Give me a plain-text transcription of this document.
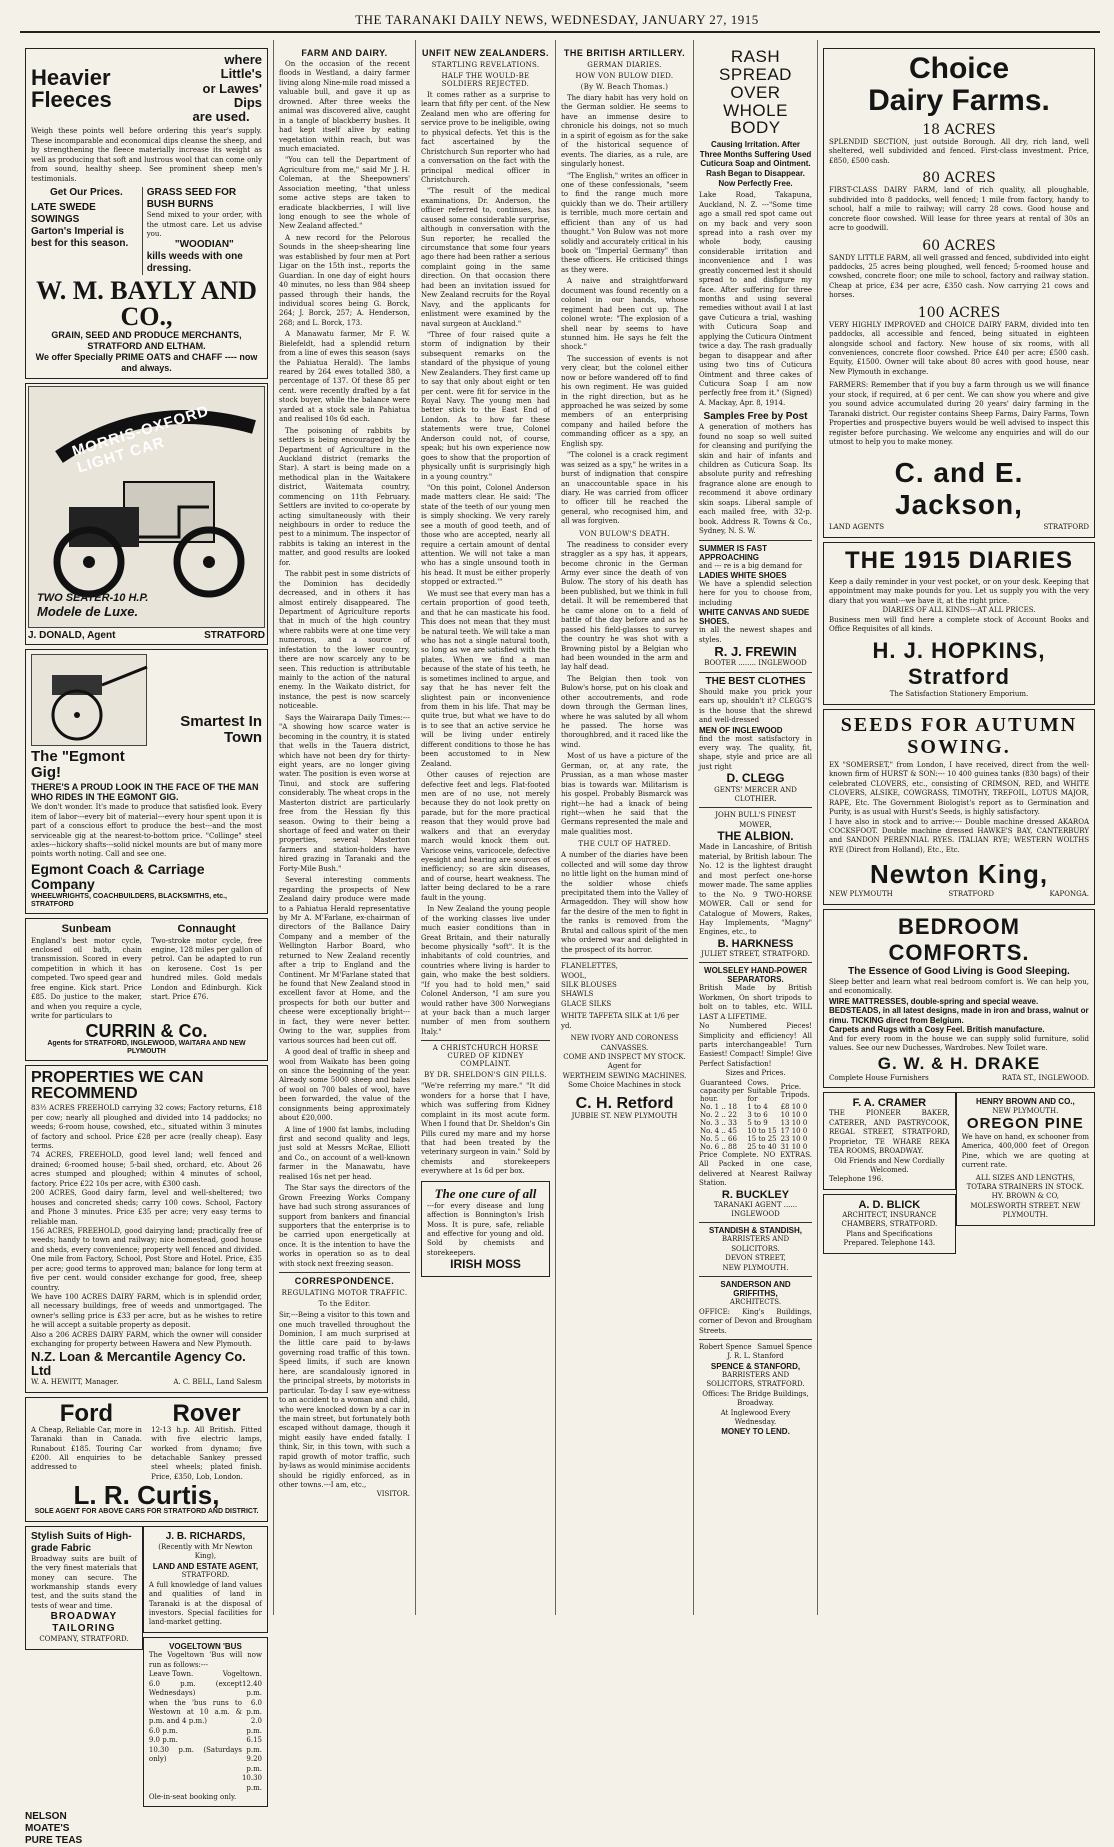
THE TARANAKI DAILY NEWS, WEDNESDAY, JANUARY 27, 1915
Heavier Fleeces
where Little's
or Lawes' Dips
are used.
Weigh these points well before ordering this year's supply. These incomparable and economical dips cleanse the sheep, and by strengthening the fleece materially increase its weight as well as producing that soft and lustrous wool that can come only from sound, healthy sheep. See prominent sheep men's testimonials.
Get Our Prices.
LATE SWEDE SOWINGS
Garton's Imperial is best for this season.
GRASS SEED FOR BUSH BURNS
Send mixed to your order, with the utmost care. Let us advise you.
"WOODIAN"
kills weeds with one dressing.
W. M. BAYLY AND CO.,
GRAIN, SEED AND PRODUCE MERCHANTS, STRATFORD AND ELTHAM.
We offer Specially PRIME OATS and CHAFF ---- now and always.
MORRIS-OXFORD LIGHT CAR
TWO SEATER-10 H.P.
Modele de Luxe.
J. DONALD, Agent	STRATFORD
The "Egmont Gig!
Smartest In Town
THERE'S A PROUD LOOK IN THE FACE OF THE MAN WHO RIDES IN THE EGMONT GIG.
We don't wonder. It's made to produce that satisfied look. Every item of labor---every bit of material---every hour spent upon it is part of a conscious effort to produce the best---and the most serviceable gig at the nearest-to-bottom price. "Collinge" steel axles---hickory shafts---solid nickel mounts are but of many more points worth noting. Call and see one.
Egmont Coach & Carriage Company
WHEELWRIGHTS, COACHBUILDERS, BLACKSMITHS, etc., STRATFORD
Sunbeam
England's best motor cycle, enclosed oil bath, chain transmission. Scored in every competition in which it has competed. Two speed gear and free engine. Kick start. Price £85. Do justice to the maker, and when you require a cycle, write for particulars to
Connaught
Two-stroke motor cycle, free engine, 128 miles per gallon of petrol. Can be adapted to run on kerosene. Cost 1s per hundred miles. Gold medals London and Edinburgh. Kick start. Price £76.
CURRIN & Co.
Agents for STRATFORD, INGLEWOOD, WAITARA AND NEW PLYMOUTH
PROPERTIES WE CAN RECOMMEND
83½ ACRES FREEHOLD carrying 32 cows; Factory returns, £18 per cow; nearly all ploughed and divided into 14 paddocks; no weeds; 6-room house, cowshed, etc., situated within 3 minutes of factory and school. Price £28 per acre (really cheap). Easy terms.
74 ACRES, FREEHOLD, good level land; well fenced and drained; 6-roomed house; 5-bail shed, orchard, etc. About 26 acres stumped and ploughed; within 4 minutes of school, factory. Price £22 10s per acre, with £300 cash.
200 ACRES, Good dairy farm, level and well-sheltered; two houses and concreted sheds; carry 100 cows. School, Factory and Phone 3 minutes. Price £35 per acre; very easy terms to reliable man.
156 ACRES, FREEHOLD, good dairying land; practically free of weeds; handy to town and railway; nice homestead, good house and sheds, every convenience; property well fenced and divided. One mile from Factory, School, Post Store and Hotel. Price, £35 per acre; good terms to approved man; balance for long term at five per cent. would consider exchange for good, free, sheep country.
We have 100 ACRES DAIRY FARM, which is in splendid order, all necessary buildings, free of weeds and unmortgaged. The owner's selling price is £33 per acre, but as he wishes to retire he will accept a suitable property as deposit.
Also a 206 ACRES DAIRY FARM, which the owner will consider exchanging for property between Hawera and New Plymouth.
N.Z. Loan & Mercantile Agency Co. Ltd
W. A. HEWITT, Manager.	A. C. BELL, Land Salesm
Ford
A Cheap, Reliable Car, more in Taranaki than in Canada. Runabout £185. Touring Car £200. All enquiries to be addressed to
Rover
12-13 h.p. All British. Fitted with five electric lamps, worked from dynamo; five detachable Sankey pressed steel wheels; plated finish. Price, £350, Lob, London.
L. R. Curtis,
SOLE AGENT FOR ABOVE CARS FOR STRATFORD AND DISTRICT.
Stylish Suits of High-grade Fabric
Broadway suits are built of the very finest materials that money can secure. The workmanship stands every test, and the suits stand the tests of wear and time.
BROADWAY TAILORING
COMPANY, STRATFORD.
J. B. RICHARDS,
(Recently with Mr Newton King),
LAND AND ESTATE AGENT,
STRATFORD.
A full knowledge of land values and qualities of land in Taranaki is at the disposal of investors. Special facilities for land-market getting.
VOGELTOWN 'BUS
The Vogeltown 'Bus will now run as follows:---
Leave Town.	Vogeltown.
6.0 p.m. (except Wednesdays)
when the 'bus runs to Westown at 10 a.m. & p.m. and 4 p.m.)
6.0 p.m.
9.0 p.m.
10.30 p.m. (Saturdays only)
12.40 p.m.
6.0 p.m.
2.0 p.m.
6.15 p.m.
9.20 p.m.
10.30 p.m.
Ole-in-seat booking only.
NELSON
MOATE'S
PURE TEAS
FARM AND DAIRY.

On the occasion of the recent floods in Westland, a dairy farmer living along Nine-mile road missed a valuable bull, and gave it up as drowned. After three weeks the animal was discovered alive, caught in a tangle of blackberry bushes. It had kept itself alive by eating vegetation within reach, but was much emaciated.

"You can tell the Department of Agriculture from me," said Mr J. H. Coleman, at the Sheepowners' Association meeting, "that unless some active steps are taken to eradicate blackberries, I will live long enough to see the whole of New Zealand affected."

A new record for the Pelorous Sounds in the sheep-shearing line was established by four men at Port Ligar on the 15th inst., reports the Guardian. In one day of eight hours 40 minutes, no less than 984 sheep passed through their hands, the individual scores being G. Borck, 264; J. Borck, 257; A. Henderson, 268; and L. Borck, 173.

A Manawatu farmer, Mr F. W. Bielefeldt, had a splendid return from a line of ewes this season (says the Pahiatua Herald). The lambs reared by 264 ewes totalled 380, a percentage of 137. Of these 85 per cent. were recently drafted by a fat stock buyer, while the balance were yarded at a stock sale in Pahiatua and realised 10s 6d each.

The poisoning of rabbits by settlers is being encouraged by the Department of Agriculture in the Auckland district (remarks the Star). A start is being made on a methodical plan in the Waitakere district, Waitemata country, commencing on 11th February. Settlers are invited to co-operate by acting simultaneously with their neighbours in order to reduce the pest to a minimum. The inspector of rabbits is taking an interest in the matter, and good results are looked for.

The rabbit pest in some districts of the Dominion has decidedly decreased, and in others it has almost entirely disappeared. The Department of Agriculture reports that in much of the high country where rabbits were at one time very numerous, and a source of infestation to the lower country, there are now scarcely any to be seen. This reduction is attributable mainly to the action of the natural enemy. In the Waikato district, for instance, the pest is now scarcely noticeable.

Says the Wairarapa Daily Times:---"A showing how scarce water is becoming in the country, it is stated that wells in the Tauera district, which have not been dry for thirty-eight years, are no longer giving water. The position is even worse at Tinui, and stock are suffering considerably. The wheat crops in the Masterton district are particularly free from the Hessian fly this season. Owing to their being a shortage of feed and water on their properties, several Masterton farmers and station-holders have hired grazing in Taranaki and the Forty-Mile Bush."

Several interesting comments regarding the prospects of New Zealand dairy produce were made to a Pahiatua Herald representative by Mr A. M'Farlane, ex-chairman of directors of the Ballance Dairy Company and a member of the Wellington Harbor Board, who returned to New Zealand recently after a trip to England and the Continent. Mr M'Farlane stated that he found that New Zealand stood in excellent favor at Home, and the prospects for both our butter and cheese were exceptionally bright---in fact, they were never better. Owing to the war, supplies from various sources had been cut off.

A good deal of traffic in sheep and wool from Waikato has been going on since the beginning of the year. Already some 5000 sheep and bales of wool on 700 bales of wool, have been forwarded, the value of the consignments being approximately about £20,000.

A line of 1900 fat lambs, including first and second quality and legs, just sold at Messrs McRae, Elliott and Co., on account of a well-known farmer in the Manawatu, have realised 16s net per head.

The Star says the directors of the Grown Freezing Works Company have had such strong assurances of support from bankers and financial supporters that the enterprise is to be carried upon energetically at once. It is the intention to have the works in operation so as to deal with stock next freezing season.

CORRESPONDENCE.
REGULATING MOTOR TRAFFIC.
To the Editor.
Sir,---Being a visitor to this town and one much travelled throughout the Dominion, I am much surprised at the little care paid to by-laws governing road traffic of this town. Speed limits, if such are known here, are scandalously ignored in the principal streets, by motorists in particular. To-day I saw eye-witness to an accident to a woman and child, who were knocked down by a car in the main street, but fortunately both escaped without damage, though it might easily have ended fatally. I think, Sir, in this town, with such a rapid growth of motor traffic, such by-laws as would minimise accidents should be rigidly enforced, as in other towns.---I am, etc.,
VISITOR.
UNFIT NEW ZEALANDERS.
STARTLING REVELATIONS.
HALF THE WOULD-BE SOLDIERS REJECTED.

It comes rather as a surprise to learn that fifty per cent. of the New Zealand men who are offering for service prove to be ineligible, owing to physical defects. Yet this is the fact ascertained by the Christchurch Sun reporter who had a conversation on the fact with the principal medical officer in Christchurch.

"The result of the medical examinations, Dr. Anderson, the officer referred to, continues, has caused some considerable surprise, although in conversation with the Sun reporter, he recalled the circumstance that some four years ago there had been rather a serious complaint going in the same direction. On that occasion there had been an invitation issued for New Zealand recruits for the Royal Navy, and the applicants for enlistment were examined by the naval surgeon at Auckland."

"Three of four raised quite a storm of indignation by their subsequent remarks on the standard of the physique of young New Zealanders. They first came up to say that only about eight or ten per cent. were fit for service in the Royal Navy. The young men had better stick to the East End of London. As to how far these statements were true, Colonel Anderson could not, of course, speak; but his own experience now goes to show that the proportion of physically unfit is surprisingly high in a young country."

"On this point, Colonel Anderson made matters clear. He said: 'The state of the teeth of our young men is simply shocking. We very rarely see a mouth of good teeth, and of those who are accepted, nearly all require a certain amount of dental attention. We will not take a man who has a single unsound tooth in his head. It must be either properly stopped or extracted.'"

We must see that every man has a certain proportion of good teeth, and that he can masticate his food. This does not mean that they must be natural teeth. We will take a man who has not a single natural tooth, so long as we are satisfied with the plates. When we find a man because of the state of his teeth, he is sometimes inclined to argue, and say that he has never felt the slightest pain or inconvenience from them in his life. That may be quite true, but what we have to do is to see that an active service he will be living under entirely different conditions to those he has been accustomed to in New Zealand.

Other causes of rejection are defective feet and legs. Flat-footed men are of no use, not merely because they do not look pretty on parade, but for the more practical reason that they would prove bad walkers and that an everyday march would knock them out. Varicose veins, varicocele, defective eyesight and hearing are sources of inefficiency; so are skin diseases, and of course, heart weakness. The latter being declared to be a rare fault in the young.

In New Zealand the young people of the working classes live under much easier conditions than in Great Britain, and their naturally become physically "soft". It is the inhabitants of cold countries, and countries where living is harder to gain, who make the best soldiers. "If you had to hold men," said Colonel Anderson, "I am sure you would rather have 300 Norwegians at your back than a much larger number of men from southern Italy."

A CHRISTCHURCH HORSE CURED OF KIDNEY COMPLAINT.
BY DR. SHELDON'S GIN PILLS.
"We're referring my mare." "It did wonders for a horse that I have, which was suffering from Kidney complaint in its most acute form. When I found that Dr. Sheldon's Gin Pills cured my mare and my horse that had been treated by the veterinary surgeon in vain." Sold by chemists and storekeepers everywhere at 1s 6d per box.
The one cure of all
---for every disease and lung affection is Bonnington's Irish Moss. It is pure, safe, reliable and effective for young and old. Sold by chemists and storekeepers.
IRISH MOSS
THE BRITISH ARTILLERY.
GERMAN DIARIES.
HOW VON BULOW DIED.
(By W. Beach Thomas.)

The diary habit has very hold on the German soldier. He seems to have an immense desire to chronicle his doings, not so much in a spirit of egoism as for the sake of the historical sequence of events. The diaries, as a rule, are singularly honest.

"The English," writes an officer in one of these confessionals, "seem to find the range much more quickly than we do. Their artillery is terrible, much more certain and efficient than any of us had thought." Von Bulow was not more solidly and accurately critical in his book on "Imperial Germany" than these officers. He criticised things as they were.

A naive and straightforward document was found recently on a colonel in our hands, whose regiment had been cut up. The colonel wrote: "The explosion of a shell near by seems to have stunned him. He says he felt the shock."

The succession of events is not very clear, but the colonel either now or before wandered off to find his own regiment. He was guided in the right direction, but as he approached he was seized by some members of an enterprising company and hailed before the commanding officer as a spy, an English spy.

"The colonel is a crack regiment was seized as a spy," he writes in a burst of indignation that conspire an unaccountable space in his diary. He was carried from officer to officer till he reached the general, who recognised him, and all was forgiven.

VON BULOW'S DEATH.

The readiness to consider every straggler as a spy has, it appears, become chronic in the German Army ever since the death of von Bulow. The story of his death has been published, but we think in full detail. It will be remembered that he came alone on to a field of battle of the day before and as he passed his field-glasses to survey the country he was shot with a Browning pistol by a Belgian who had been wounded in the arm and lay half dead.

The Belgian then took von Bulow's horse, put on his cloak and other accoutrements, and rode down through the German lines, where he was saluted by all whom he passed. The horse was thoroughbred, and it raced like the wind.

Most of us have a picture of the German, or, at any rate, the Prussian, as a man whose master bias is towards war. Militarism is his gospel. Probably Bismarck was right---he had a knack of being right---when he said that the Germans represented the male and male qualities most.

THE CULT OF HATRED.
A number of the diaries have been collected and will some day throw no little light on the human mind of the soldier whose chiefs precipitated them into the Valley of Armageddon. They will show how far the desire of the men to fight in the ranks is removed from the Brutal and callous spirit of the men who ordered war and delighted in the prospect of its horror.
FLANELETTES,
WOOL,
SILK BLOUSES
SHAWLS
GLACE SILKS
WHITE TAFFETA SILK at 1/6 per yd.
NEW IVORY AND CORONESS CANVASSES.
COME AND INSPECT MY STOCK.
Agent for
WERTHEIM SEWING MACHINES.
Some Choice Machines in stock
C. H. Retford
JUBBIE ST. NEW PLYMOUTH
RASH SPREAD
OVER WHOLE BODY
Causing Irritation. After Three Months Suffering Used Cuticura Soap and Ointment. Rash Began to Disappear. Now Perfectly Free.
Lake Road, Takapuna, Auckland, N. Z. ---"Some time ago a small red spot came out on my back and very soon spread into a rash over my whole body, causing considerable irritation and inconvenience and I was greatly concerned lest it should spread to and disfigure my face. After suffering for three months and using several remedies without avail I at last gave Cuticura a trial, washing with Cuticura Soap and applying the Cuticura Ointment twice a day. The rash gradually began to disappear and after using two tins of Cuticura Ointment and three cakes of Cuticura Soap I am now perfectly free from it." (Signed) A. Mackay, Apr. 8, 1914.
Samples Free by Post
A generation of mothers has found no soap so well suited for cleansing and purifying the skin and hair of infants and children as Cuticura Soap. Its absolute purity and refreshing fragrance alone are enough to recommend it above ordinary skin soaps. Liberal sample of each mailed free, with 32-p. book. Address R. Towns & Co., Sydney, N. S. W.
SUMMER IS FAST
APPROACHING
and --- re is a big demand for
LADIES WHITE SHOES
We have a splendid selection here for you to choose from, including
WHITE CANVAS AND SUEDE SHOES.
in all the newest shapes and styles.
R. J. FREWIN
BOOTER ........ INGLEWOOD
THE BEST CLOTHES
Should make you prick your ears up, shouldn't it? CLEGG'S is the house that the shrewd and well-dressed
MEN OF INGLEWOOD
find the most satisfactory in every way. The quality, fit, shape, style and price are all just right
D. CLEGG
GENTS' MERCER AND CLOTHIER.
JOHN BULL'S FINEST MOWER,
THE ALBION.
Made in Lancashire, of British material, by British labour. The No. 12 is the lightest draught and most perfect one-horse mower made. The same applies to the No. 9 TWO-HORSE MOWER. Call or send for Catalogue of Mowers, Rakes, Hay Implements, "Magny" Engines, etc., to
B. HARKNESS
JULIET STREET, STRATFORD.
WOLSELEY HAND-POWER SEPARATORS.
British Made by British Workmen, On short tripods to bolt on to tables, etc. WILL LAST A LIFETIME.
No Numbered Pieces! Simplicity and efficiency! All parts interchangeable! Turn Easiest! Compact! Simple! Give Perfect Satisfaction!
Sizes and Prices.
Guaranteed capacity per hour.	Cows. Suitable for	Price. Tripods.
No. 1 .. 18	1 to 4	£8 10 0
No. 2 .. 22	3 to 6	10 10 0
No. 3 .. 33	5 to 9	13 10 0
No. 4 .. 45	10 to 15	17 10 0
No. 5 .. 66	15 to 25	23 10 0
No. 6 .. 88	25 to 40	31 10 0
Price Complete. NO EXTRAS. All Packed in one case, delivered at Nearest Railway Station.
R. BUCKLEY
TARANAKI AGENT ...... INGLEWOOD
STANDISH & STANDISH,
BARRISTERS AND SOLICITORS.
DEVON STREET,
NEW PLYMOUTH.
SANDERSON AND GRIFFITHS,
ARCHITECTS.
OFFICE: King's Buildings, corner of Devon and Brougham Streets.
Robert Spence Samuel Spence
J. R. L. Stanford
SPENCE & STANFORD,
BARRISTERS AND SOLICITORS, STRATFORD.
Offices: The Bridge Buildings, Broadway.
At Inglewood Every Wednesday.
MONEY TO LEND.
Choice
Dairy Farms.
18 ACRES
SPLENDID SECTION, just outside Borough. All dry, rich land, well sheltered, well subdivided and fenced. First-class investment. Price, £850, £500 cash.
80 ACRES
FIRST-CLASS DAIRY FARM, land of rich quality, all ploughable, subdivided into 8 paddocks, well fenced; 1 mile from factory, handy to school, half a mile to railway; will carry 28 cows. Good house and concrete floor cowshed. Will lease for three years at rental of 30s an acre to goodwill.
60 ACRES
SANDY LITTLE FARM, all well grassed and fenced, subdivided into eight paddocks, 25 acres being ploughed, well fenced; 5-roomed house and cowshed, concrete floor; one mile to school, factory and railway station. Cheap at price, £34 per acre, £350 cash. Now carrying 21 cows and horses.
100 ACRES
VERY HIGHLY IMPROVED and CHOICE DAIRY FARM, divided into ten paddocks, all accessible and fenced, being situated in eighteen alongside school and factory. New house of six rooms, with all conveniences, concrete floor cowshed. Price £40 per acre; £500 cash. Equity, £1500. Owner will take about 80 acres with good house, near New Plymouth in exchange.
FARMERS: Remember that if you buy a farm through us we will finance your stock, if required, at 6 per cent. We can show you where and give you sound advice accumulated during 20 years' dairy farming in the Taranaki district. Our register contains Sheep Farms, Dairy Farms, Town Properties and prospective buyers would be well advised to inspect this register before purchasing. We welcome any enquiries and will do our utmost to help you to make money.
C. and E. Jackson,
LAND AGENTS	STRATFORD
THE 1915 DIARIES
Keep a daily reminder in your vest pocket, or on your desk. Keeping that appointment may make pounds for you. Let us supply you with the very diary that you want---we have it, at the right price.
DIARIES OF ALL KINDS---AT ALL PRICES.
Business men will find here a complete stock of Account Books and Office Requisites of all kinds.
H. J. HOPKINS, Stratford
The Satisfaction Stationery Emporium.
SEEDS FOR AUTUMN
SOWING.
EX "SOMERSET," from London, I have received, direct from the well-known firm of HURST & SON:--- 10 400 guinea tanks (830 bags) of their celebrated CLOVERS, etc., consisting of CRIMSON, RED, and WHITE CLOVERS, ALSIKE, COWGRASS, TIMOTHY, TREFOIL, LOTUS MAJOR, RAPE, Etc. The Government Biologist's report as to Germination and Purity, is as usual with Hurst's Seeds, is highly satisfactory.
I have also in stock and to arrive:--- Double machine dressed AKAROA COCKSFOOT. Double machine dressed HAWKE'S BAY, CANTERBURY and SANDON PERENNIAL RYES. ITALIAN RYE; WESTERN WOLTHS RYE (Direct from Holland), Etc., Etc.
Newton King,
NEW PLYMOUTH	STRATFORD	KAPONGA.
BEDROOM COMFORTS.
The Essence of Good Living is Good Sleeping.
Sleep better and learn what real bedroom comfort is. We can help you, and economically.
WIRE MATTRESSES, double-spring and special weave.
BEDSTEADS, in all latest designs, made in iron and brass, walnut or rimu. TICKING direct from Belgium.
Carpets and Rugs with a Cosy Feel. British manufacture.
And for every room in the house we can supply solid furniture, solid values. See our new Duchesses, Wardrobes. New Toilet ware.
G. W. & H. DRAKE
Complete House Furnishers	RATA ST., INGLEWOOD.
F. A. CRAMER
THE PIONEER BAKER, CATERER, AND PASTRYCOOK, REGAL STREET, STRATFORD, Proprietor, TE WHARE REKA TEA ROOMS, BROADWAY.
Old Friends and New Cordially Welcomed.
Telephone 196.
A. D. BLICK
ARCHITECT, INSURANCE CHAMBERS, STRATFORD.
Plans and Specifications Prepared. Telephone 143.
HENRY BROWN AND CO.,
NEW PLYMOUTH.
OREGON PINE
We have on hand, ex schooner from America, 400,000 feet of Oregon Pine, which we are quoting at current rate.
ALL SIZES AND LENGTHS,
TOTARA STRAINERS IN STOCK.
HY. BROWN & CO,
MOLESWORTH STREET. NEW PLYMOUTH.
